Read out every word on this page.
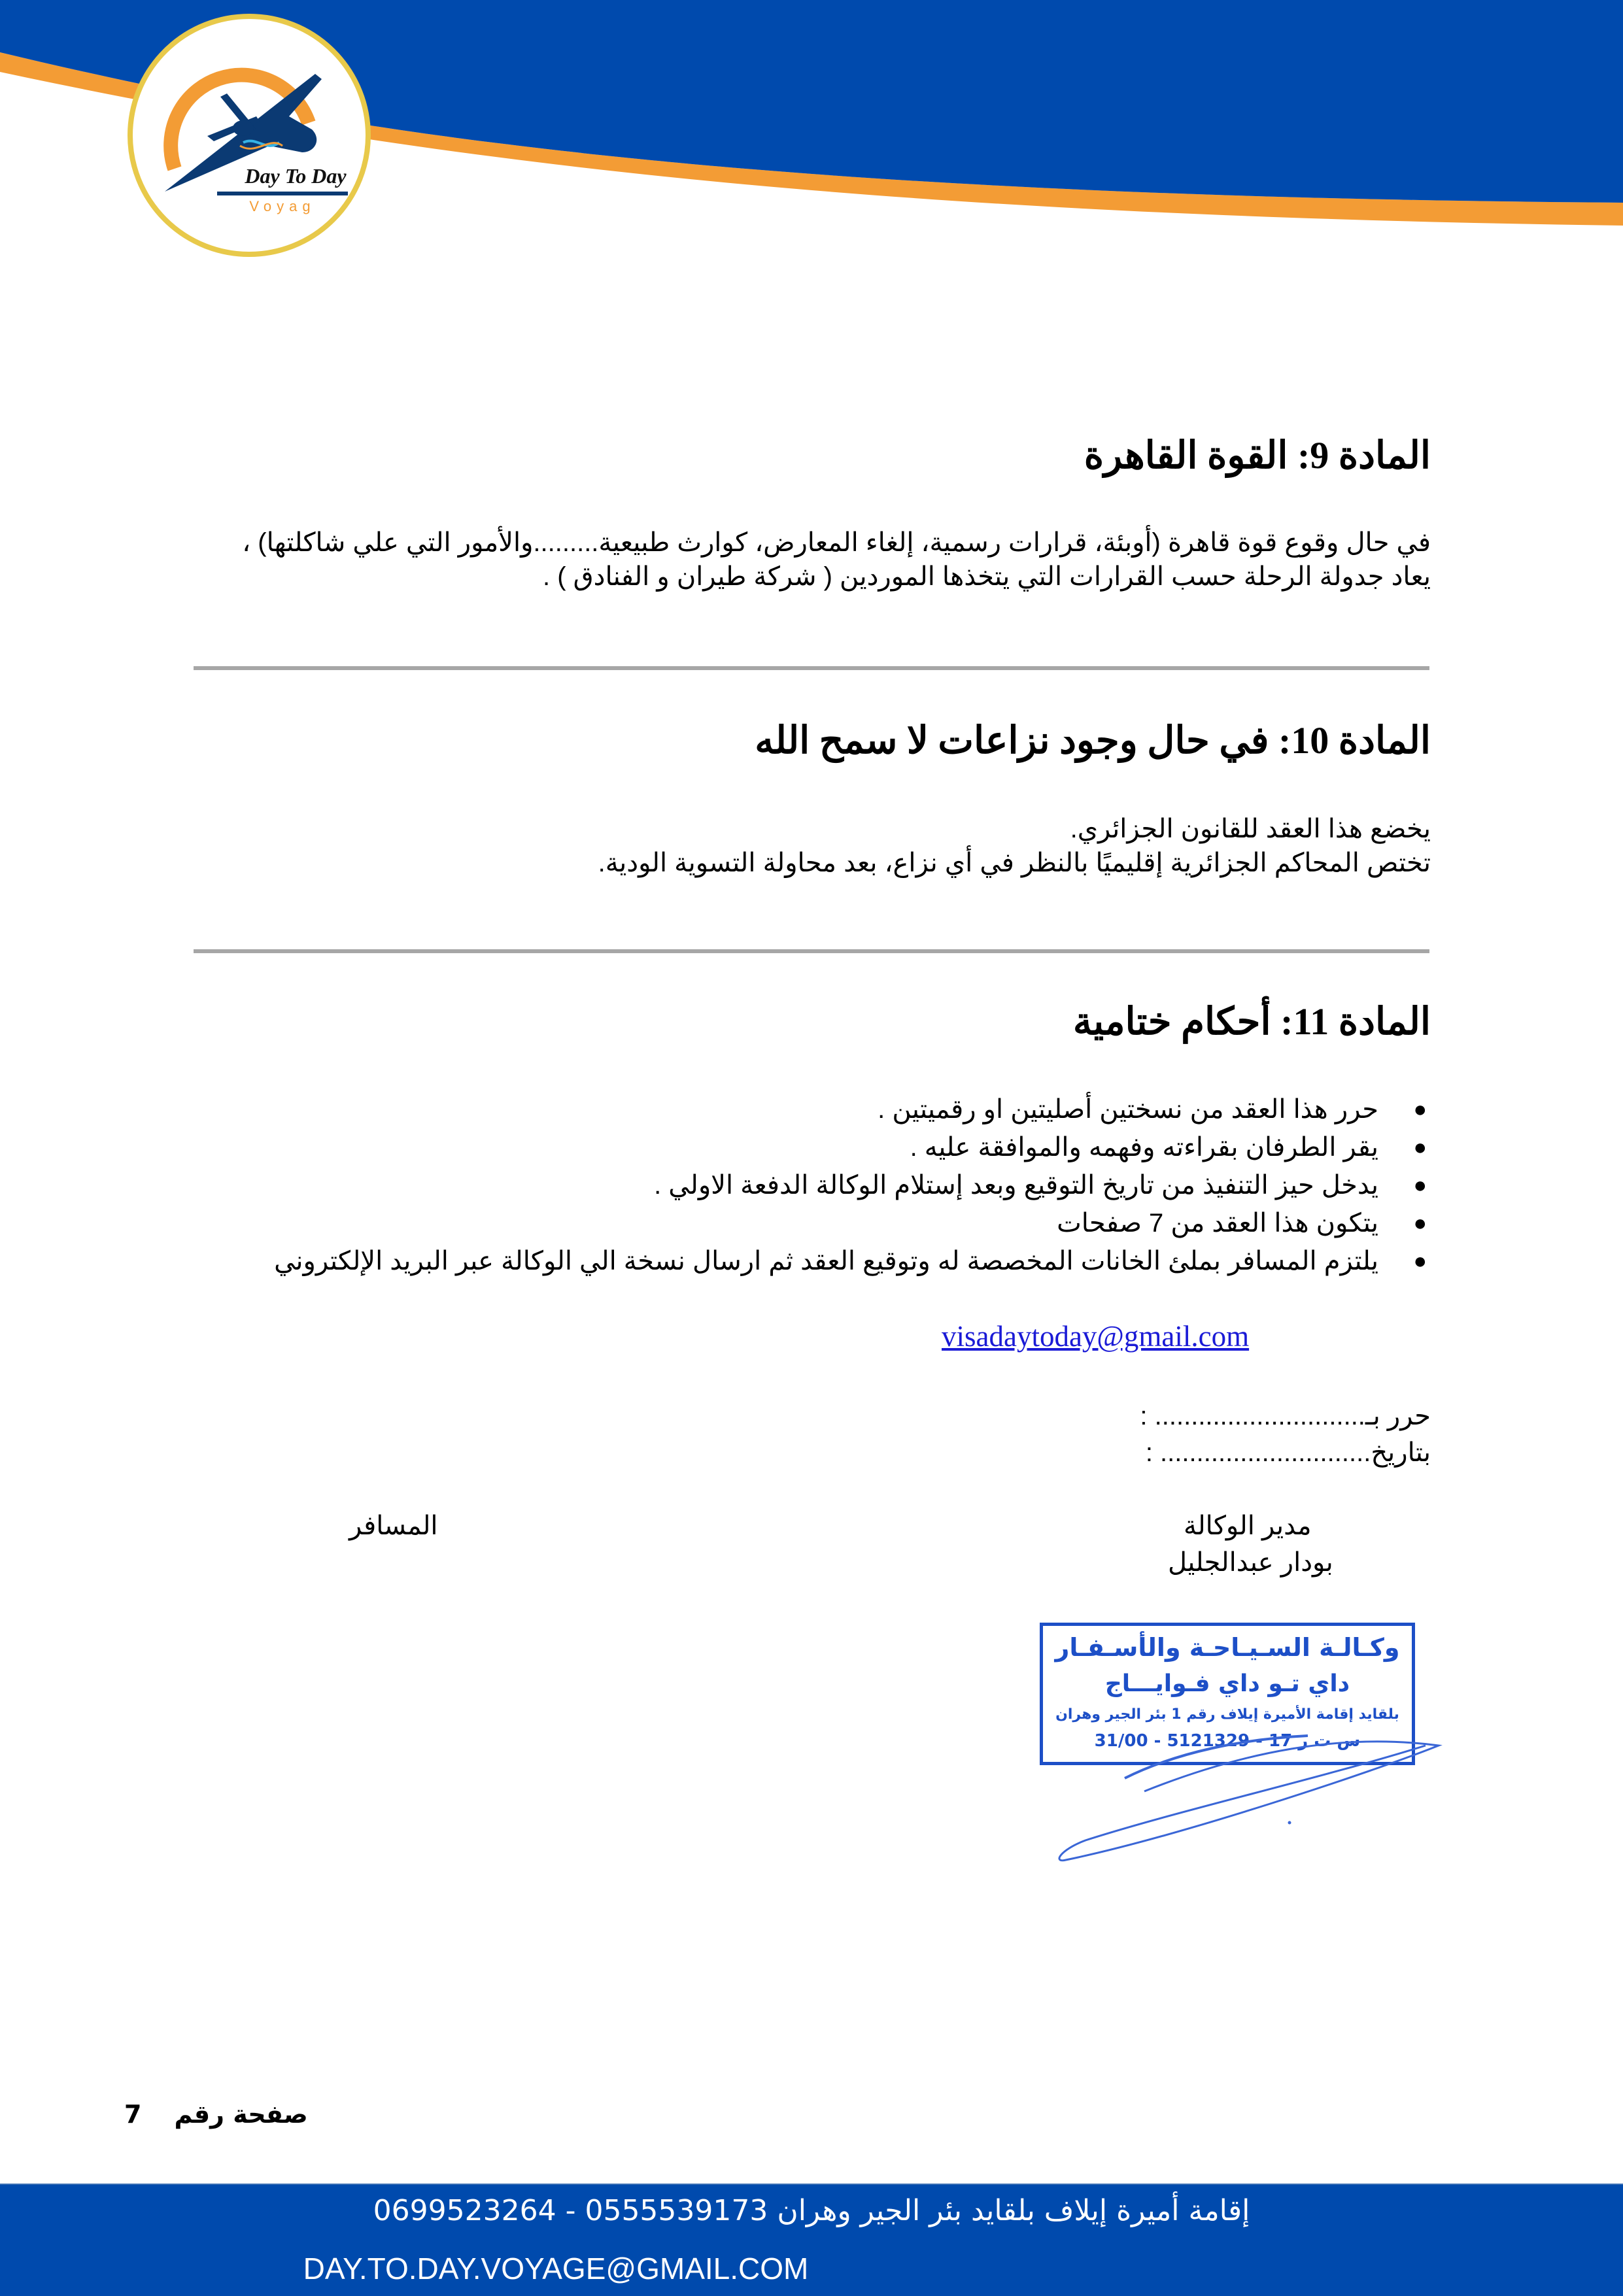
Day To Day
Voyag
المادة 9: القوة القاهرة
في حال وقوع قوة قاهرة (أوبئة، قرارات رسمية، إلغاء المعارض، كوارث طبيعية.........والأمور التي علي شاكلتها) ،
يعاد جدولة الرحلة حسب القرارات التي يتخذها الموردين ( شركة طيران و الفنادق ) .
المادة 10: في حال وجود نزاعات لا سمح الله
يخضع هذا العقد للقانون الجزائري.
تختص المحاكم الجزائرية إقليميًا بالنظر في أي نزاع، بعد محاولة التسوية الودية.
المادة 11: أحكام ختامية
●
حرر هذا العقد من نسختين أصليتين او رقميتين .
●
يقر الطرفان بقراءته وفهمه والموافقة عليه .
●
يدخل حيز التنفيذ من تاريخ التوقيع وبعد إستلام الوكالة الدفعة الاولي .
●
يتكون هذا العقد من 7 صفحات
●
يلتزم المسافر بملئ الخانات المخصصة له وتوقيع العقد ثم ارسال نسخة الي الوكالة عبر البريد الإلكتروني
visadaytoday@gmail.com
حرر بـ............................. :
بتاريخ............................. :
مدير الوكالة
بودار عبدالجليل
المسافر
وكـالـة السـيـاحـة والأسـفـار
داي تـو داي فـوايـــاج
بلقايد إقامة الأميرة إيلاف رقم 1 بئر الجير وهران
س ت ر 17 - 5121329 - 31/00
صفحة رقم7
إقامة أميرة إيلاف بلقايد بئر الجير وهران 0555539173 - 0699523264
DAY.TO.DAY.VOYAGE@GMAIL.COM
